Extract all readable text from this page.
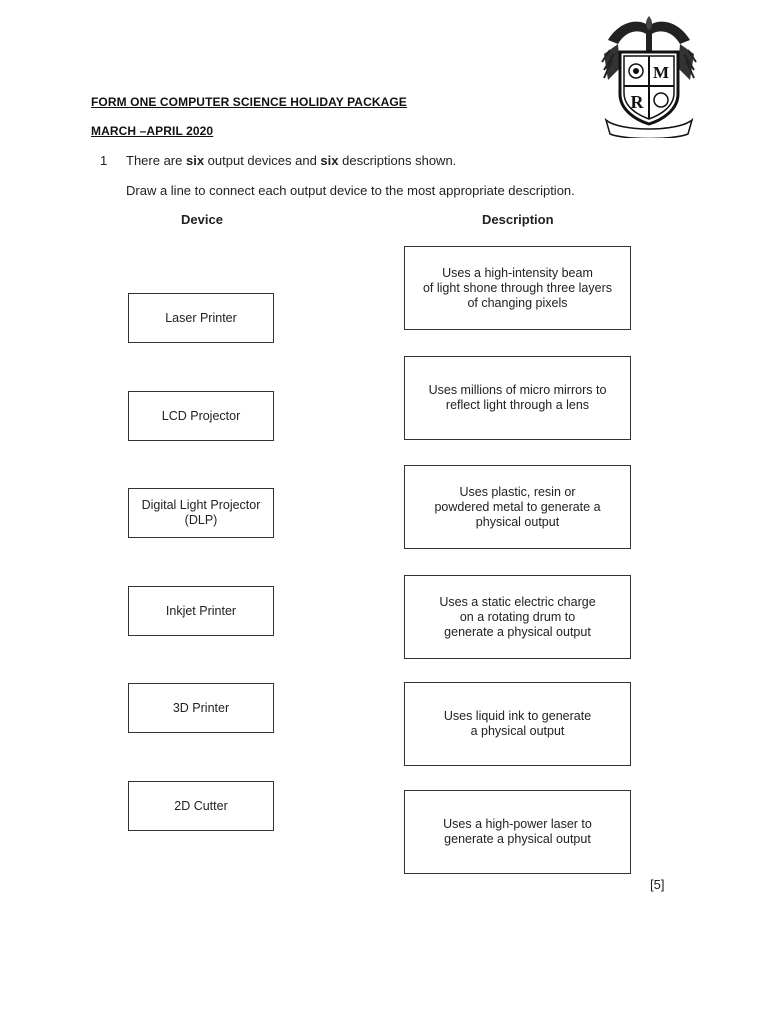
M
R
FORM ONE COMPUTER SCIENCE HOLIDAY PACKAGE
MARCH –APRIL 2020
1 There are six output devices and six descriptions shown.
Draw a line to connect each output device to the most appropriate description.
Device	Description
Laser Printer
LCD Projector
Digital Light Projector
(DLP)
Inkjet Printer
3D Printer
2D Cutter
Uses a high-intensity beam
of light shone through three layers
of changing pixels
Uses millions of micro mirrors to
reflect light through a lens
Uses plastic, resin or
powdered metal to generate a
physical output
Uses a static electric charge
on a rotating drum to
generate a physical output
Uses liquid ink to generate
a physical output
Uses a high-power laser to
generate a physical output
[5]
